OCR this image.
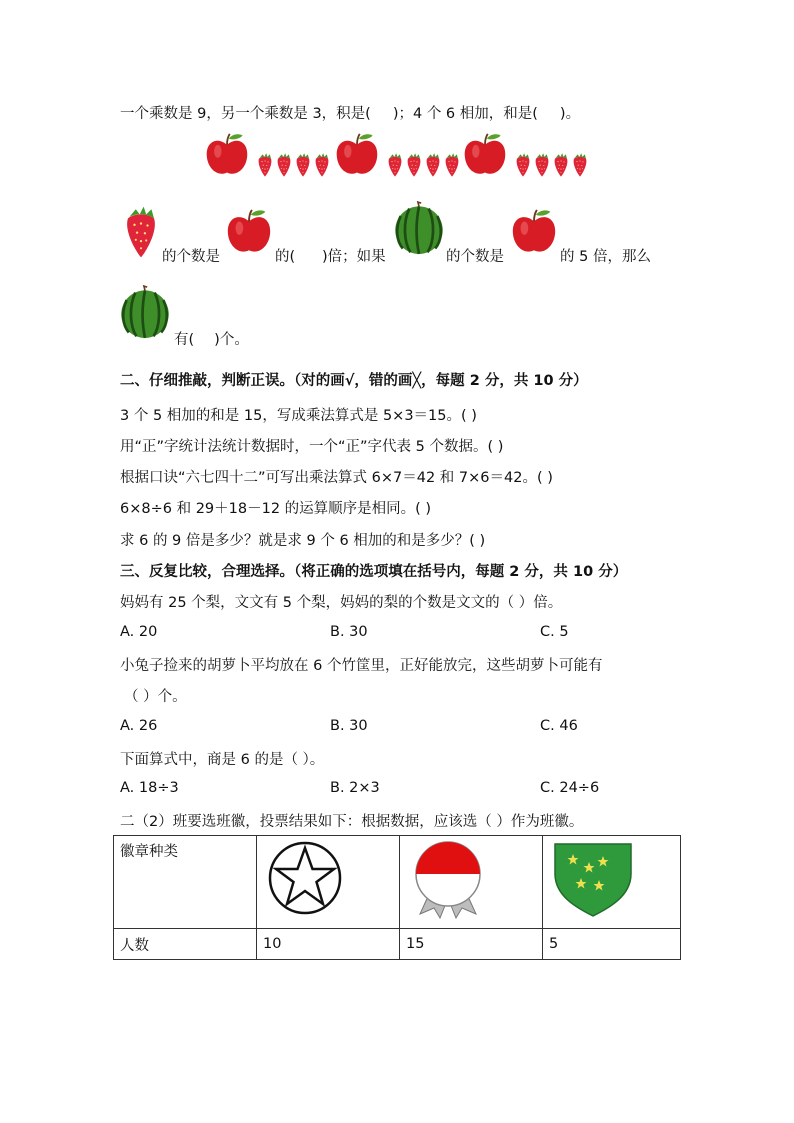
一个乘数是 9，另一个乘数是 3，积是( )；4 个 6 相加，和是( )。
的个数是	的( )倍；如果	的个数是	的 5 倍，那么
有( )个。
二、仔细推敲，判断正误。（对的画√，错的画╳，每题 2 分，共 10 分）
3 个 5 相加的和是 15，写成乘法算式是 5×3＝15。( )
用“正”字统计法统计数据时，一个“正”字代表 5 个数据。( )
根据口诀“六七四十二”可写出乘法算式 6×7＝42 和 7×6＝42。( )
6×8÷6 和 29＋18－12 的运算顺序是相同。( )
求 6 的 9 倍是多少？就是求 9 个 6 相加的和是多少？( )
三、反复比较，合理选择。（将正确的选项填在括号内，每题 2 分，共 10 分）
妈妈有 25 个梨，文文有 5 个梨，妈妈的梨的个数是文文的（ ）倍。
A. 20	B. 30	C. 5
小兔子捡来的胡萝卜平均放在 6 个竹筐里，正好能放完，这些胡萝卜可能有
（ ）个。
A. 26	B. 30	C. 46
下面算式中，商是 6 的是（ ）。
A. 18÷3	B. 2×3	C. 24÷6
二（2）班要选班徽，投票结果如下：根据数据，应该选（ ）作为班徽。
徽章种类			
人数	10	15	5
